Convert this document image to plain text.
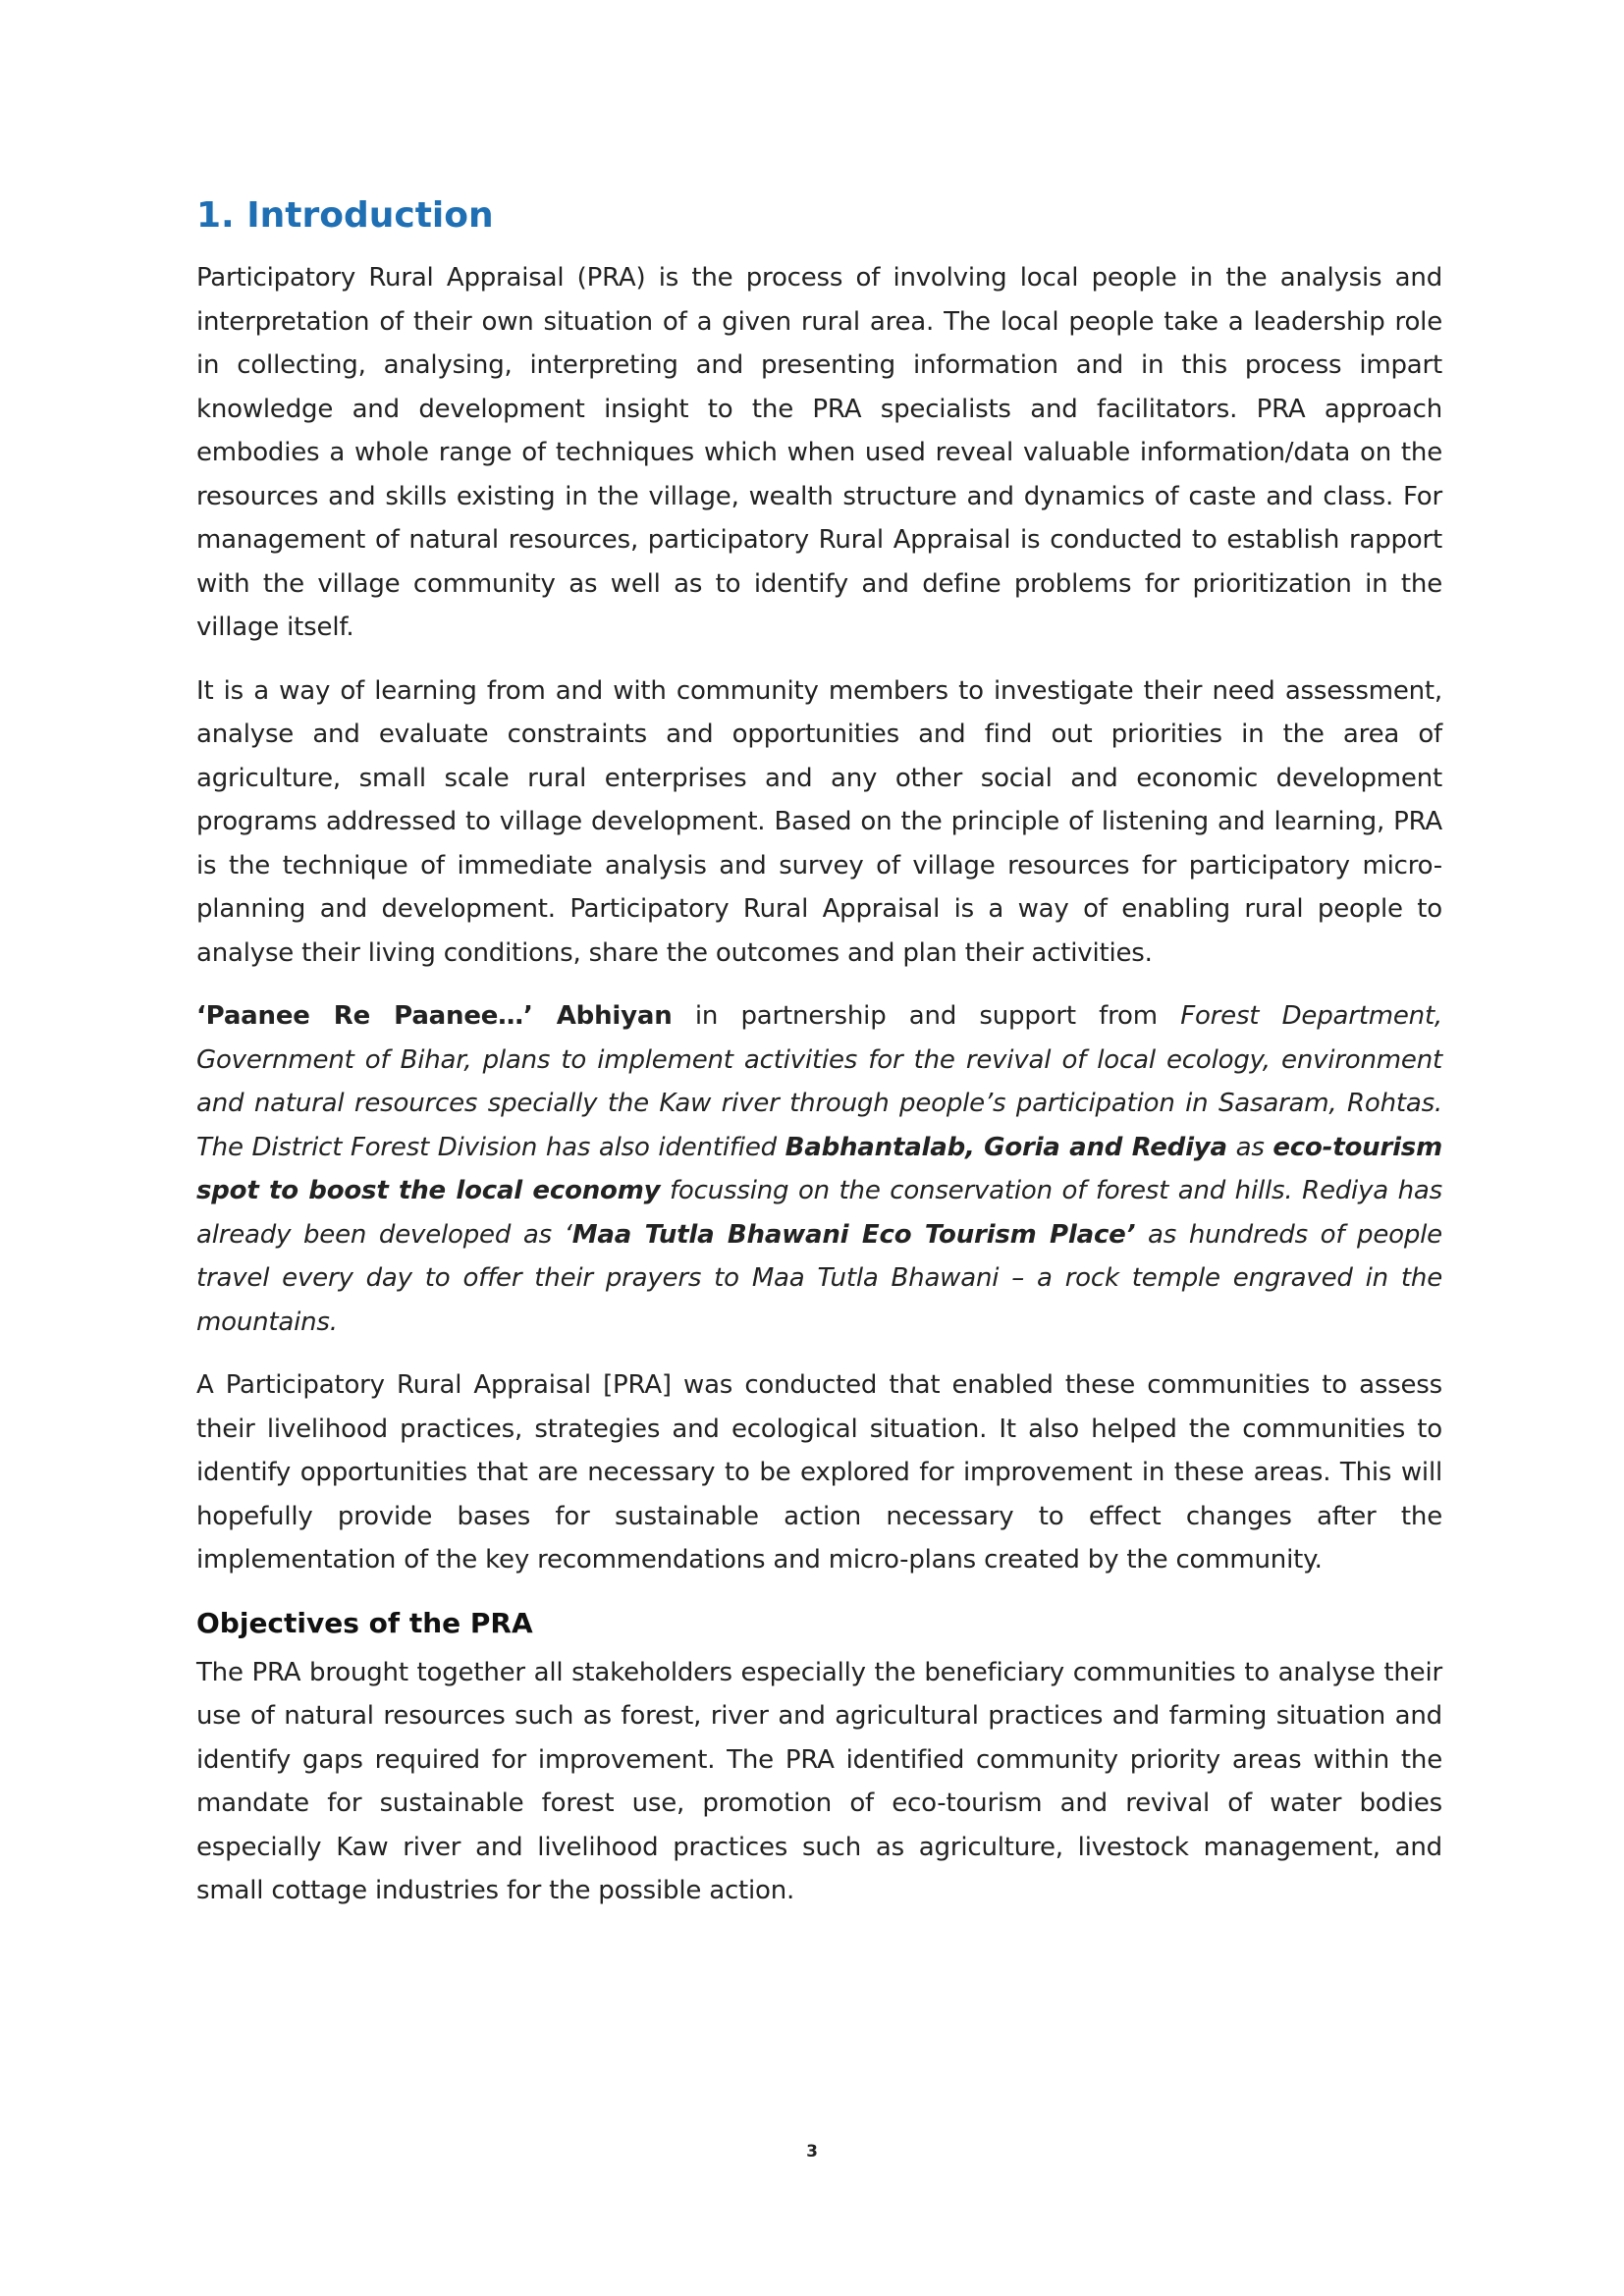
1. Introduction

Participatory Rural Appraisal (PRA) is the process of involving local people in the analysis and interpretation of their own situation of a given rural area. The local people take a leadership role in collecting, analysing, interpreting and presenting information and in this process impart knowledge and development insight to the PRA specialists and facilitators. PRA approach embodies a whole range of techniques which when used reveal valuable information/data on the resources and skills existing in the village, wealth structure and dynamics of caste and class. For management of natural resources, participatory Rural Appraisal is conducted to establish rapport with the village community as well as to identify and define problems for prioritization in the village itself.

It is a way of learning from and with community members to investigate their need assessment, analyse and evaluate constraints and opportunities and find out priorities in the area of agriculture, small scale rural enterprises and any other social and economic development programs addressed to village development. Based on the principle of listening and learning, PRA is the technique of immediate analysis and survey of village resources for participatory micro- planning and development. Participatory Rural Appraisal is a way of enabling rural people to analyse their living conditions, share the outcomes and plan their activities.

‘Paanee Re Paanee…’ Abhiyan in partnership and support from Forest Department, Government of Bihar, plans to implement activities for the revival of local ecology, environment and natural resources specially the Kaw river through people’s participation in Sasaram, Rohtas. The District Forest Division has also identified Babhantalab, Goria and Rediya as eco-tourism spot to boost the local economy focussing on the conservation of forest and hills. Rediya has already been developed as ‘Maa Tutla Bhawani Eco Tourism Place’ as hundreds of people travel every day to offer their prayers to Maa Tutla Bhawani – a rock temple engraved in the mountains.

A Participatory Rural Appraisal [PRA] was conducted that enabled these communities to assess their livelihood practices, strategies and ecological situation. It also helped the communities to identify opportunities that are necessary to be explored for improvement in these areas. This will hopefully provide bases for sustainable action necessary to effect changes after the implementation of the key recommendations and micro-plans created by the community.

Objectives of the PRA

The PRA brought together all stakeholders especially the beneficiary communities to analyse their use of natural resources such as forest, river and agricultural practices and farming situation and identify gaps required for improvement. The PRA identified community priority areas within the mandate for sustainable forest use, promotion of eco-tourism and revival of water bodies especially Kaw river and livelihood practices such as agriculture, livestock management, and small cottage industries for the possible action.

3
